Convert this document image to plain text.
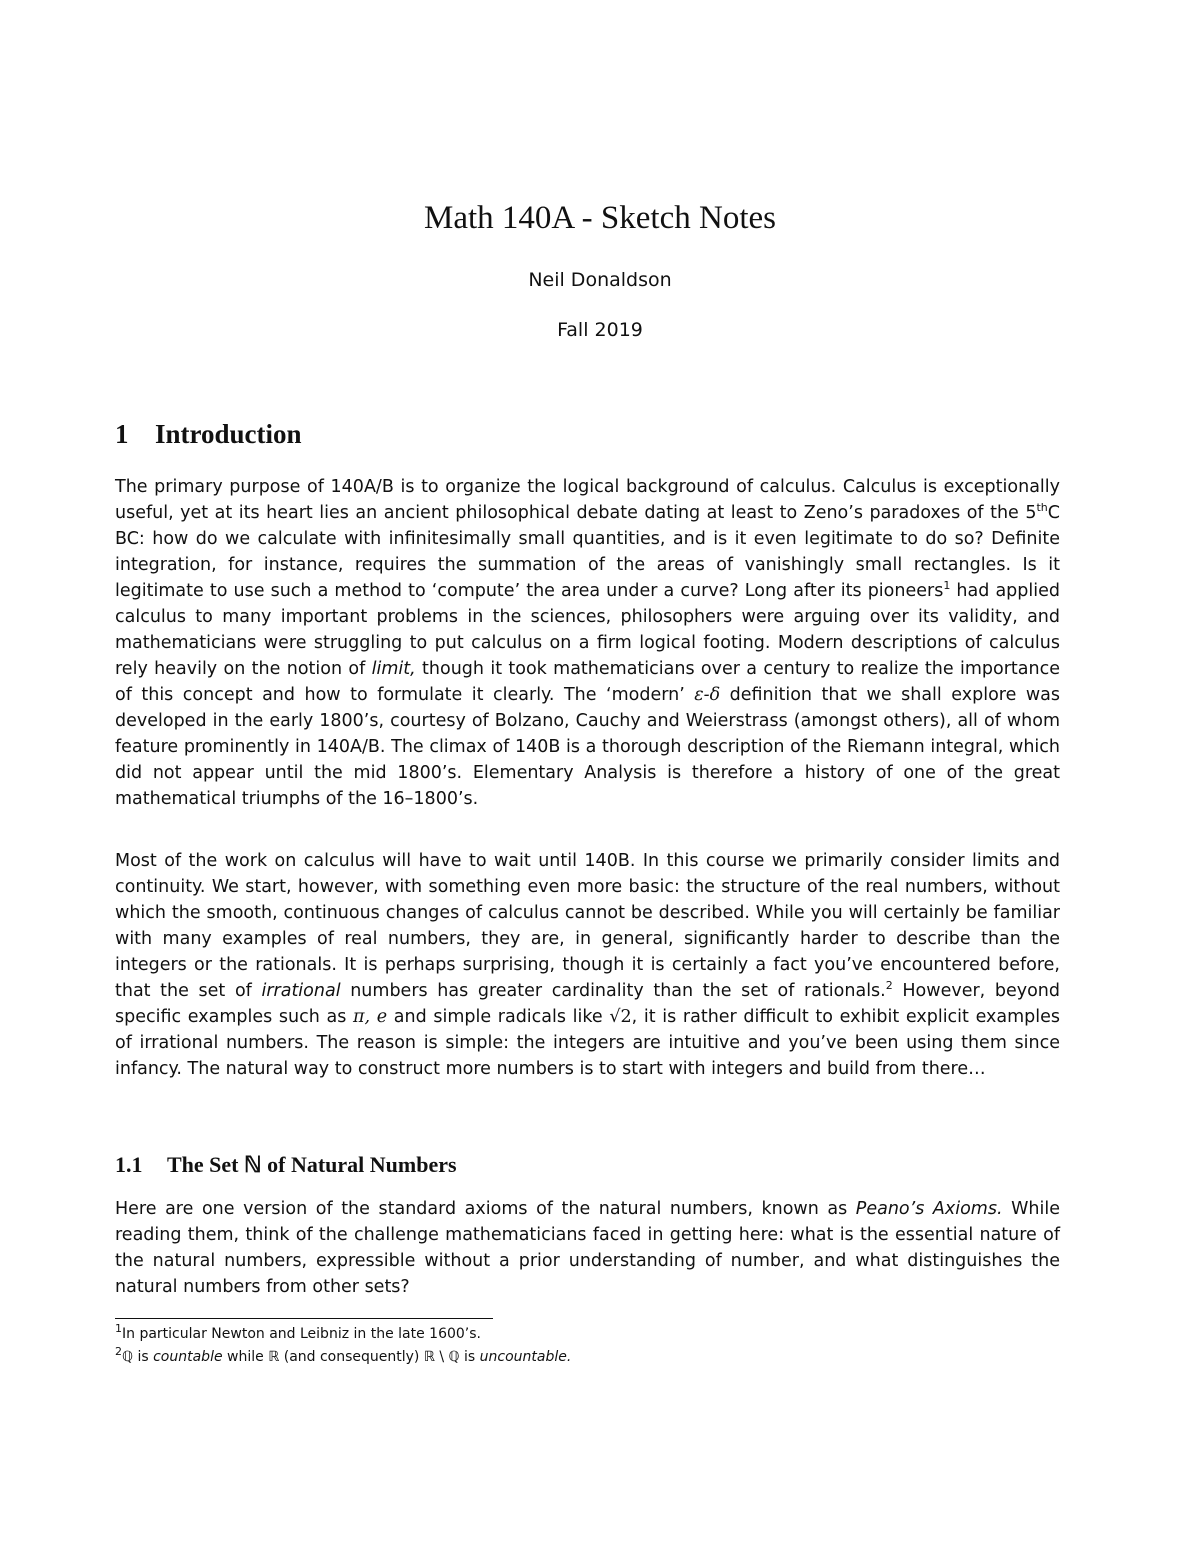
Math 140A - Sketch Notes
Neil Donaldson
Fall 2019
1 Introduction
The primary purpose of 140A/B is to organize the logical background of calculus. Calculus is exceptionally useful, yet at its heart lies an ancient philosophical debate dating at least to Zeno’s paradoxes of the 5thC BC: how do we calculate with infinitesimally small quantities, and is it even legitimate to do so? Definite integration, for instance, requires the summation of the areas of vanishingly small rectangles. Is it legitimate to use such a method to ‘compute’ the area under a curve? Long after its pioneers$^1$ had applied calculus to many important problems in the sciences, philosophers were arguing over its validity, and mathematicians were struggling to put calculus on a firm logical footing. Modern descriptions of calculus rely heavily on the notion of limit, though it took mathematicians over a century to realize the importance of this concept and how to formulate it clearly. The ‘modern’ ε-δ definition that we shall explore was developed in the early 1800’s, courtesy of Bolzano, Cauchy and Weierstrass (amongst others), all of whom feature prominently in 140A/B. The climax of 140B is a thorough description of the Riemann integral, which did not appear until the mid 1800’s. Elementary Analysis is therefore a history of one of the great mathematical triumphs of the 16–1800’s.
Most of the work on calculus will have to wait until 140B. In this course we primarily consider limits and continuity. We start, however, with something even more basic: the structure of the real numbers, without which the smooth, continuous changes of calculus cannot be described. While you will certainly be familiar with many examples of real numbers, they are, in general, significantly harder to describe than the integers or the rationals. It is perhaps surprising, though it is certainly a fact you’ve encountered before, that the set of irrational numbers has greater cardinality than the set of rationals.$^2$ However, beyond specific examples such as π, e and simple radicals like √2, it is rather difficult to exhibit explicit examples of irrational numbers. The reason is simple: the integers are intuitive and you’ve been using them since infancy. The natural way to construct more numbers is to start with integers and build from there…
1.1 The Set ℕ of Natural Numbers
Here are one version of the standard axioms of the natural numbers, known as Peano’s Axioms. While reading them, think of the challenge mathematicians faced in getting here: what is the essential nature of the natural numbers, expressible without a prior understanding of number, and what distinguishes the natural numbers from other sets?
$^1$In particular Newton and Leibniz in the late 1600’s.
$^2$ℚ is countable while ℝ (and consequently) ℝ \ ℚ is uncountable.
